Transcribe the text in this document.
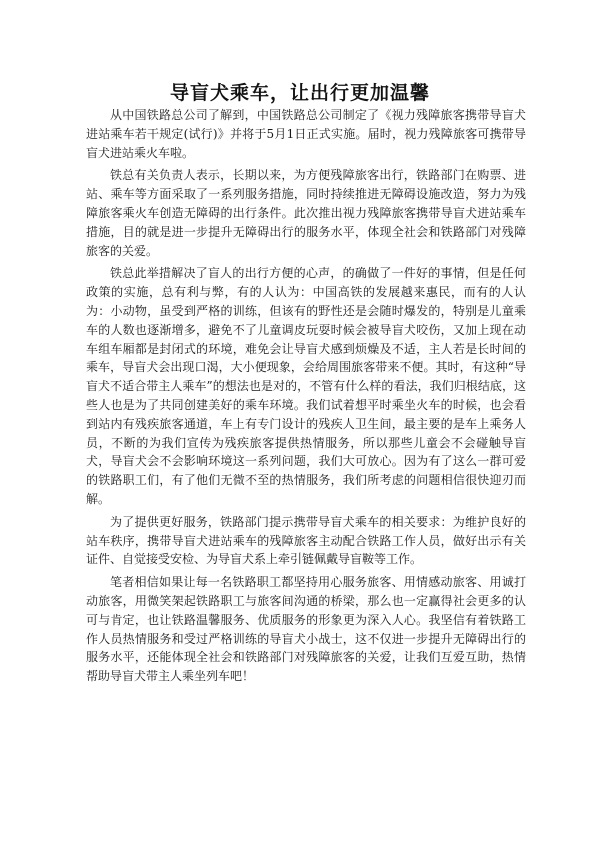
导盲犬乘车，让出行更加温馨

从中国铁路总公司了解到，中国铁路总公司制定了《视力残障旅客携带导盲犬进站乘车若干规定(试行)》并将于5月1日正式实施。届时，视力残障旅客可携带导盲犬进站乘火车啦。

铁总有关负责人表示，长期以来，为方便残障旅客出行，铁路部门在购票、进站、乘车等方面采取了一系列服务措施，同时持续推进无障碍设施改造，努力为残障旅客乘火车创造无障碍的出行条件。此次推出视力残障旅客携带导盲犬进站乘车措施，目的就是进一步提升无障碍出行的服务水平，体现全社会和铁路部门对残障旅客的关爱。

铁总此举措解决了盲人的出行方便的心声，的确做了一件好的事情，但是任何政策的实施，总有利与弊，有的人认为：中国高铁的发展越来惠民，而有的人认为：小动物，虽受到严格的训练，但该有的野性还是会随时爆发的，特别是儿童乘车的人数也逐渐增多，避免不了儿童调皮玩耍时候会被导盲犬咬伤，又加上现在动车组车厢都是封闭式的环境，难免会让导盲犬感到烦燥及不适，主人若是长时间的乘车，导盲犬会出现口渴，大小便现象，会给周围旅客带来不便。其时，有这种“导盲犬不适合带主人乘车”的想法也是对的，不管有什么样的看法，我们归根结底，这些人也是为了共同创建美好的乘车环境。我们试着想平时乘坐火车的时候，也会看到站内有残疾旅客通道，车上有专门设计的残疾人卫生间，最主要的是车上乘务人员，不断的为我们宣传为残疾旅客提供热情服务，所以那些儿童会不会碰触导盲犬，导盲犬会不会影响环境这一系列问题，我们大可放心。因为有了这么一群可爱的铁路职工们，有了他们无微不至的热情服务，我们所考虑的问题相信很快迎刃而解。

为了提供更好服务，铁路部门提示携带导盲犬乘车的相关要求：为维护良好的站车秩序，携带导盲犬进站乘车的残障旅客主动配合铁路工作人员，做好出示有关证件、自觉接受安检、为导盲犬系上牵引链佩戴导盲鞍等工作。

笔者相信如果让每一名铁路职工都坚持用心服务旅客、用情感动旅客、用诚打动旅客，用微笑架起铁路职工与旅客间沟通的桥梁，那么也一定赢得社会更多的认可与肯定，也让铁路温馨服务、优质服务的形象更为深入人心。我坚信有着铁路工作人员热情服务和受过严格训练的导盲犬小战士，这不仅进一步提升无障碍出行的服务水平，还能体现全社会和铁路部门对残障旅客的关爱，让我们互爱互助，热情帮助导盲犬带主人乘坐列车吧！
